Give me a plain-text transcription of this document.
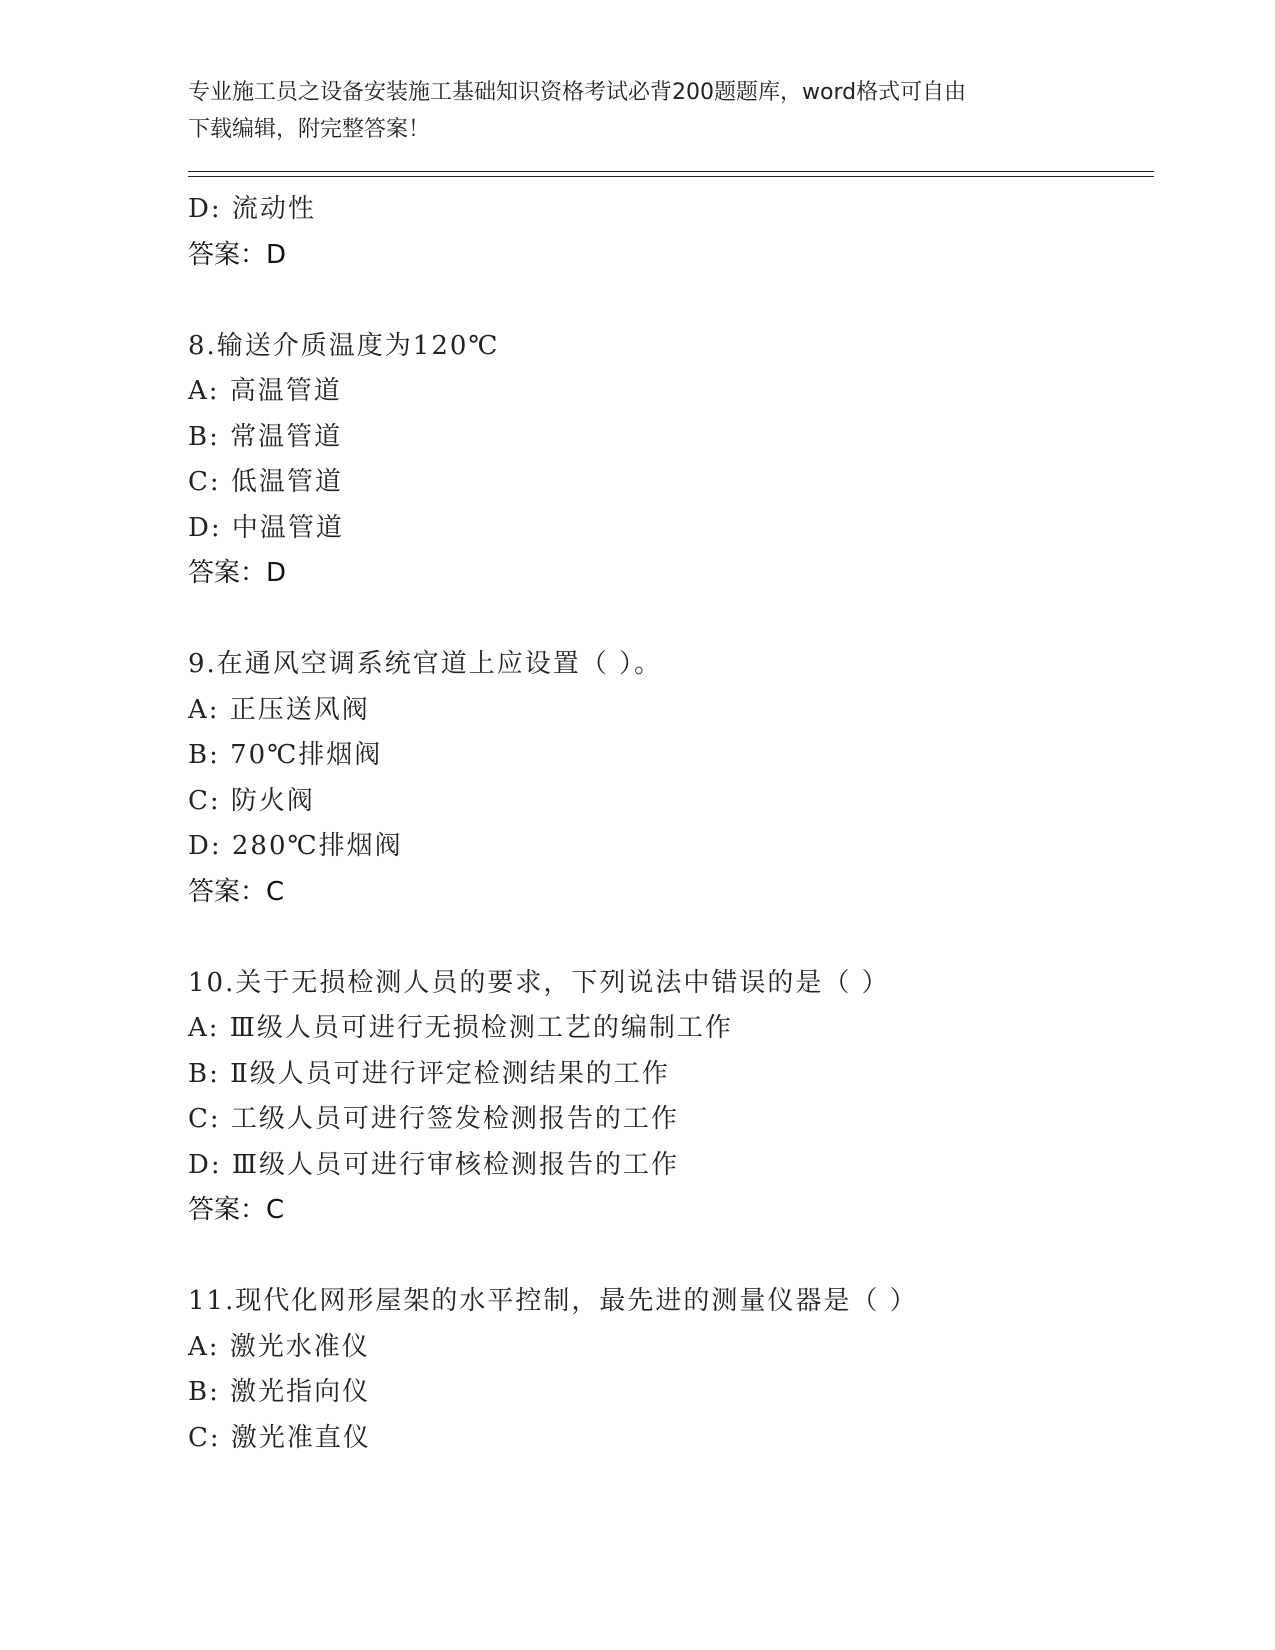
专业施工员之设备安装施工基础知识资格考试必背200题题库，word格式可自由
下载编辑，附完整答案！
D: 流动性
答案：D
8.输送介质温度为120℃
A: 高温管道
B: 常温管道
C: 低温管道
D: 中温管道
答案：D
9.在通风空调系统官道上应设置（ ）。
A: 正压送风阀
B: 70℃排烟阀
C: 防火阀
D: 280℃排烟阀
答案：C
10.关于无损检测人员的要求，下列说法中错误的是（ ）
A: Ⅲ级人员可进行无损检测工艺的编制工作
B: Ⅱ级人员可进行评定检测结果的工作
C: 工级人员可进行签发检测报告的工作
D: Ⅲ级人员可进行审核检测报告的工作
答案：C
11.现代化网形屋架的水平控制，最先进的测量仪器是（ ）
A: 激光水准仪
B: 激光指向仪
C: 激光准直仪
